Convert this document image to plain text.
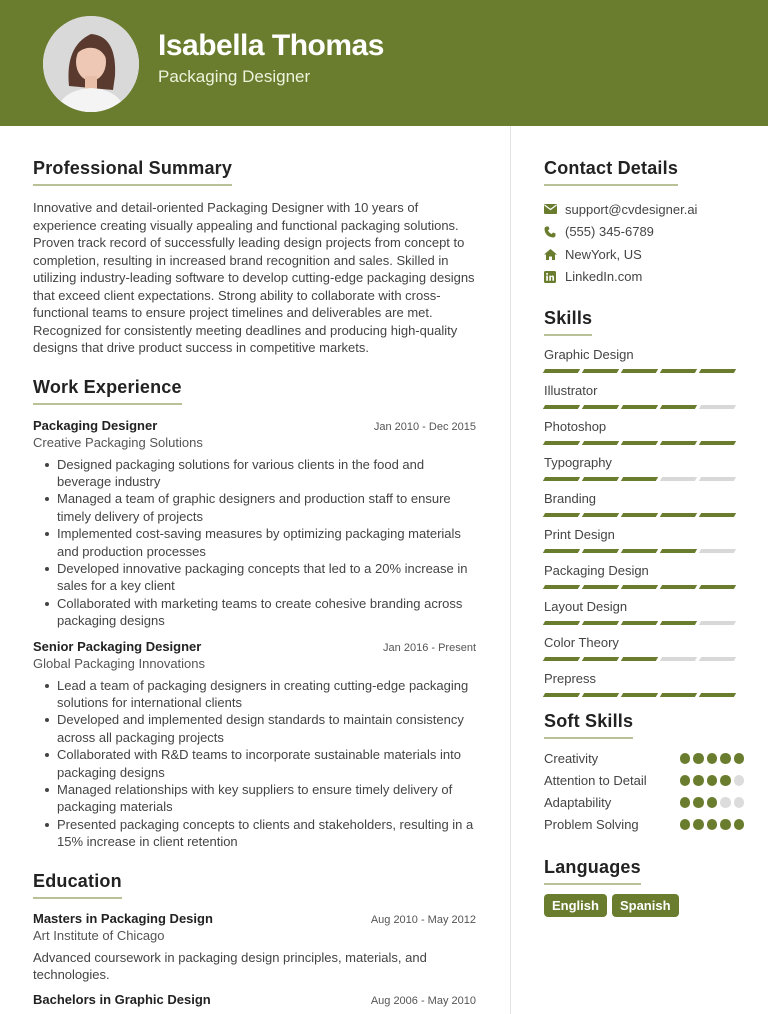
Isabella Thomas
Packaging Designer
Professional Summary
Innovative and detail-oriented Packaging Designer with 10 years of experience creating visually appealing and functional packaging solutions. Proven track record of successfully leading design projects from concept to completion, resulting in increased brand recognition and sales. Skilled in utilizing industry-leading software to develop cutting-edge packaging designs that exceed client expectations. Strong ability to collaborate with cross-functional teams to ensure project timelines and deliverables are met. Recognized for consistently meeting deadlines and producing high-quality designs that drive product success in competitive markets.
Work Experience
Packaging Designer	Jan 2010 - Dec 2015
Creative Packaging Solutions
Designed packaging solutions for various clients in the food and beverage industry
Managed a team of graphic designers and production staff to ensure timely delivery of projects
Implemented cost-saving measures by optimizing packaging materials and production processes
Developed innovative packaging concepts that led to a 20% increase in sales for a key client
Collaborated with marketing teams to create cohesive branding across packaging designs
Senior Packaging Designer	Jan 2016 - Present
Global Packaging Innovations
Lead a team of packaging designers in creating cutting-edge packaging solutions for international clients
Developed and implemented design standards to maintain consistency across all packaging projects
Collaborated with R&D teams to incorporate sustainable materials into packaging designs
Managed relationships with key suppliers to ensure timely delivery of packaging materials
Presented packaging concepts to clients and stakeholders, resulting in a 15% increase in client retention
Education
Masters in Packaging Design	Aug 2010 - May 2012
Art Institute of Chicago
Advanced coursework in packaging design principles, materials, and technologies.
Bachelors in Graphic Design	Aug 2006 - May 2010
Contact Details
support@cvdesigner.ai
(555) 345-6789
NewYork, US
LinkedIn.com
Skills
Graphic Design
Illustrator
Photoshop
Typography
Branding
Print Design
Packaging Design
Layout Design
Color Theory
Prepress
Soft Skills
Creativity
Attention to Detail
Adaptability
Problem Solving
Languages
English	Spanish
